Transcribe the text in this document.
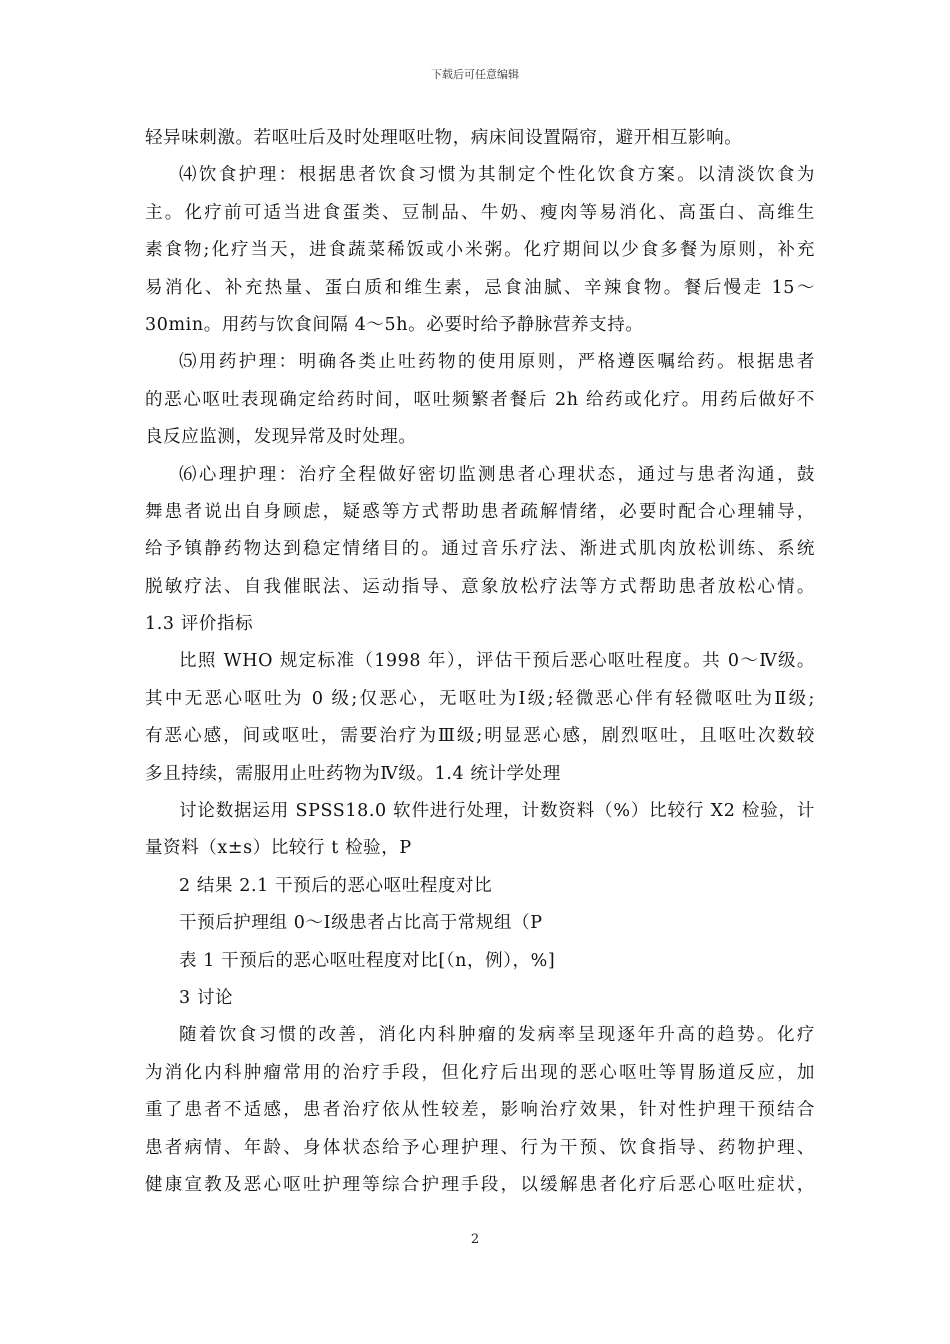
下载后可任意编辑
轻异味刺激。若呕吐后及时处理呕吐物，病床间设置隔帘，避开相互影响。
⑷饮食护理：根据患者饮食习惯为其制定个性化饮食方案。以清淡饮食为
主。化疗前可适当进食蛋类、豆制品、牛奶、瘦肉等易消化、高蛋白、高维生
素食物;化疗当天，进食蔬菜稀饭或小米粥。化疗期间以少食多餐为原则，补充
易消化、补充热量、蛋白质和维生素，忌食油腻、辛辣食物。餐后慢走 15～
30min。用药与饮食间隔 4～5h。必要时给予静脉营养支持。
⑸用药护理：明确各类止吐药物的使用原则，严格遵医嘱给药。根据患者
的恶心呕吐表现确定给药时间，呕吐频繁者餐后 2h 给药或化疗。用药后做好不
良反应监测，发现异常及时处理。
⑹心理护理：治疗全程做好密切监测患者心理状态，通过与患者沟通，鼓
舞患者说出自身顾虑，疑惑等方式帮助患者疏解情绪，必要时配合心理辅导，
给予镇静药物达到稳定情绪目的。通过音乐疗法、渐进式肌肉放松训练、系统
脱敏疗法、自我催眠法、运动指导、意象放松疗法等方式帮助患者放松心情。
1.3 评价指标
比照 WHO 规定标准（1998 年），评估干预后恶心呕吐程度。共 0～Ⅳ级。
其中无恶心呕吐为 0 级;仅恶心，无呕吐为Ⅰ级;轻微恶心伴有轻微呕吐为Ⅱ级;
有恶心感，间或呕吐，需要治疗为Ⅲ级;明显恶心感，剧烈呕吐，且呕吐次数较
多且持续，需服用止吐药物为Ⅳ级。1.4 统计学处理
讨论数据运用 SPSS18.0 软件进行处理，计数资料（%）比较行 X2 检验，计
量资料（x±s）比较行 t 检验，P
2 结果 2.1 干预后的恶心呕吐程度对比
干预后护理组 0～Ⅰ级患者占比高于常规组（P
表 1 干预后的恶心呕吐程度对比[（n，例），%]
3 讨论
随着饮食习惯的改善，消化内科肿瘤的发病率呈现逐年升高的趋势。化疗
为消化内科肿瘤常用的治疗手段，但化疗后出现的恶心呕吐等胃肠道反应，加
重了患者不适感，患者治疗依从性较差，影响治疗效果，针对性护理干预结合
患者病情、年龄、身体状态给予心理护理、行为干预、饮食指导、药物护理、
健康宣教及恶心呕吐护理等综合护理手段，以缓解患者化疗后恶心呕吐症状，
2
